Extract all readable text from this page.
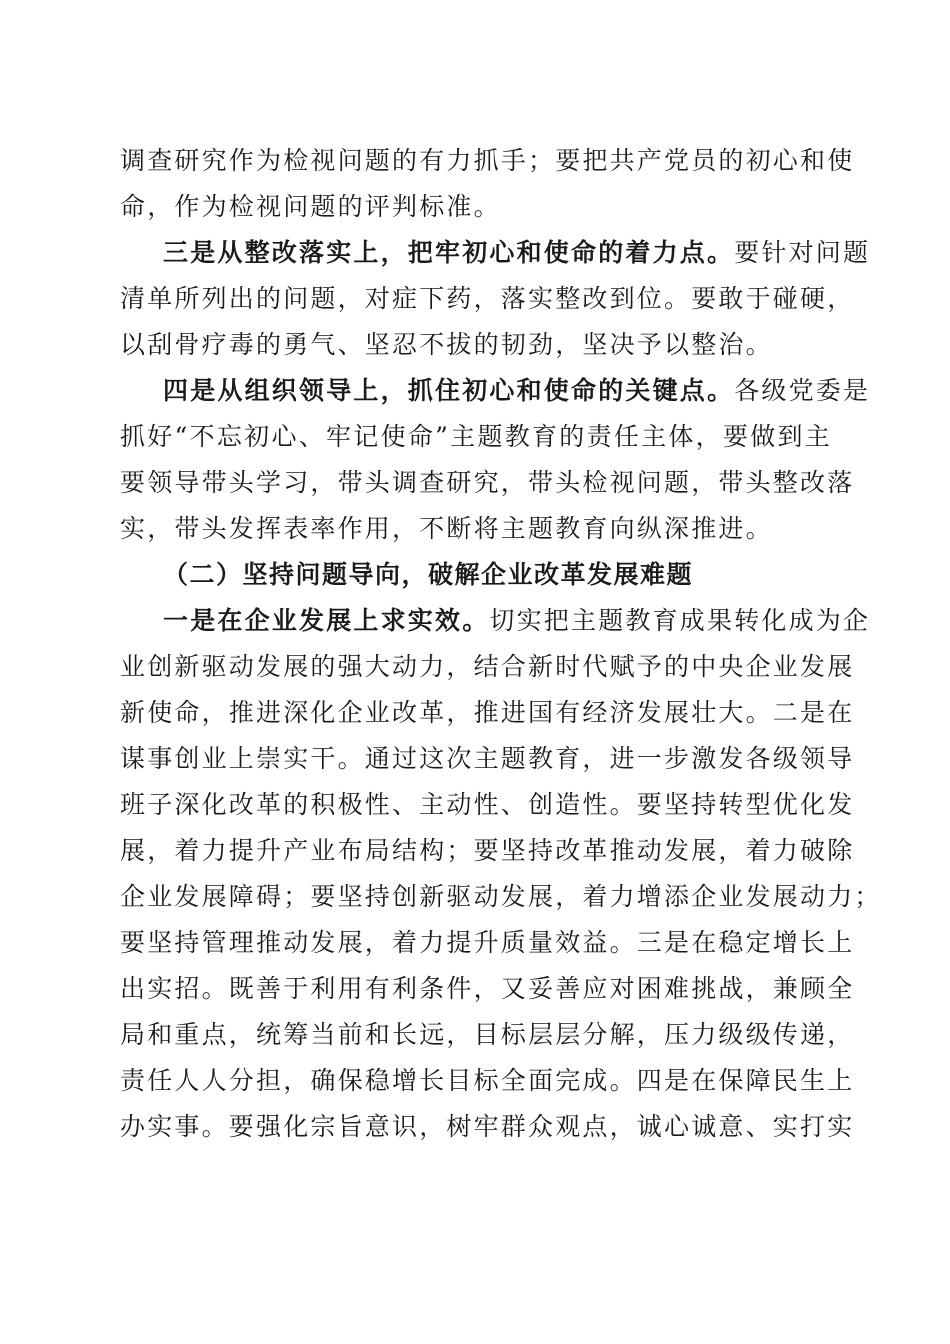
调查研究作为检视问题的有力抓手；要把共产党员的初心和使
命，作为检视问题的评判标准。
三是从整改落实上，把牢初心和使命的着力点。要针对问题
清单所列出的问题，对症下药，落实整改到位。要敢于碰硬，
以刮骨疗毒的勇气、坚忍不拔的韧劲，坚决予以整治。
四是从组织领导上，抓住初心和使命的关键点。各级党委是
抓好“不忘初心、牢记使命”主题教育的责任主体，要做到主
要领导带头学习，带头调查研究，带头检视问题，带头整改落
实，带头发挥表率作用，不断将主题教育向纵深推进。
（二）坚持问题导向，破解企业改革发展难题
一是在企业发展上求实效。切实把主题教育成果转化成为企
业创新驱动发展的强大动力，结合新时代赋予的中央企业发展
新使命，推进深化企业改革，推进国有经济发展壮大。二是在
谋事创业上崇实干。通过这次主题教育，进一步激发各级领导
班子深化改革的积极性、主动性、创造性。要坚持转型优化发
展，着力提升产业布局结构；要坚持改革推动发展，着力破除
企业发展障碍；要坚持创新驱动发展，着力增添企业发展动力；
要坚持管理推动发展，着力提升质量效益。三是在稳定增长上
出实招。既善于利用有利条件，又妥善应对困难挑战，兼顾全
局和重点，统筹当前和长远，目标层层分解，压力级级传递，
责任人人分担，确保稳增长目标全面完成。四是在保障民生上
办实事。要强化宗旨意识，树牢群众观点，诚心诚意、实打实
